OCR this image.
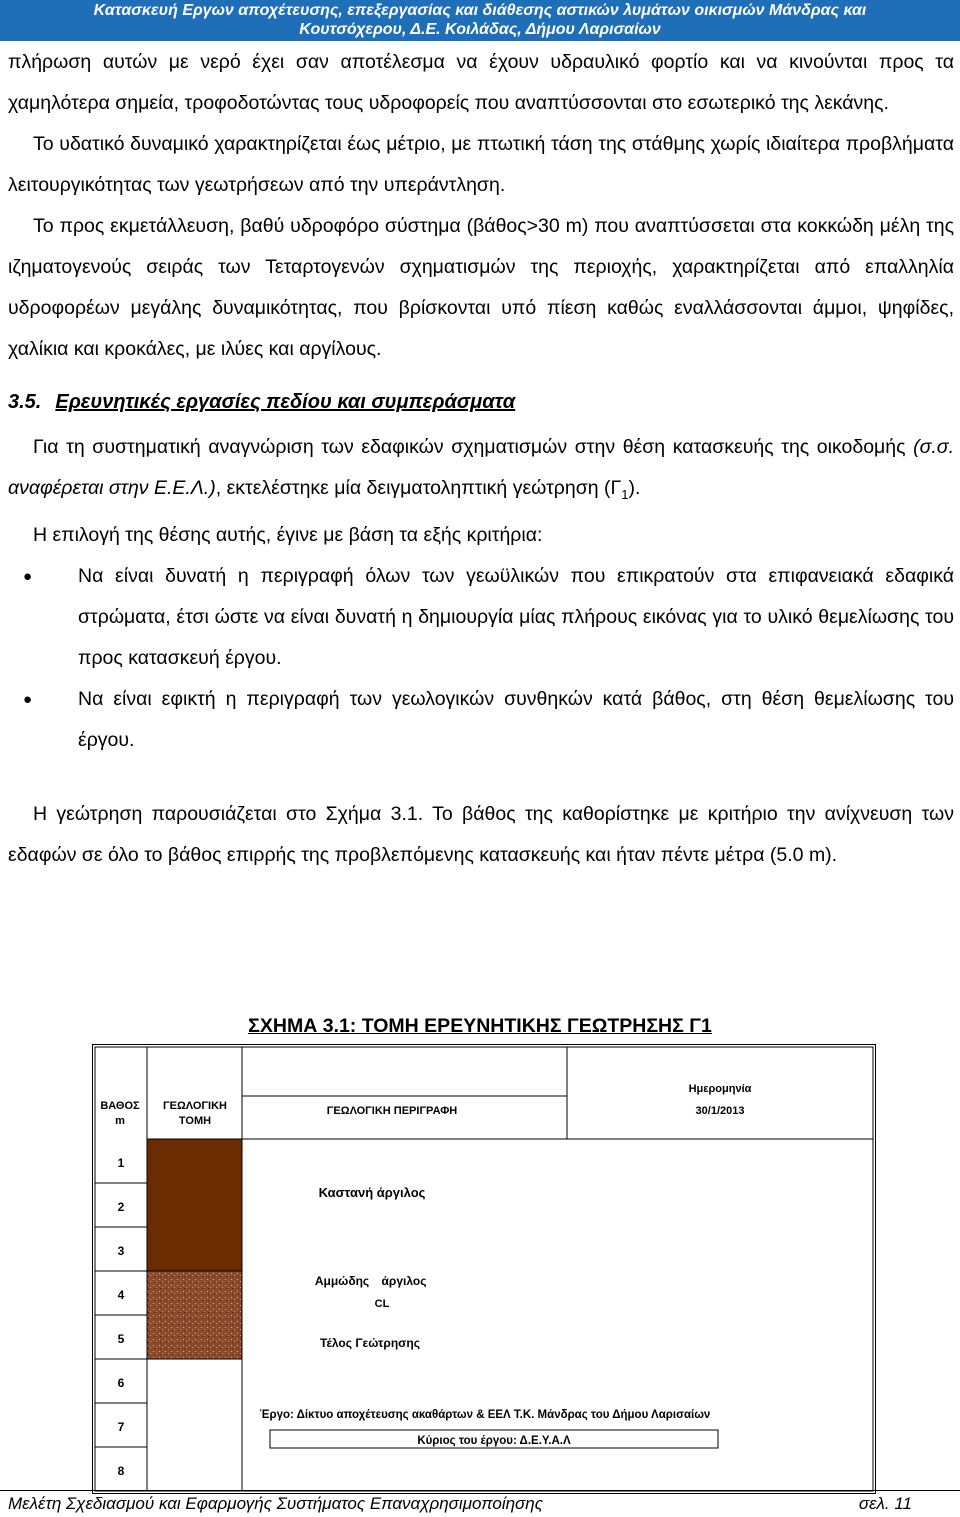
Κατασκευή Εργων αποχέτευσης, επεξεργασίας και διάθεσης αστικών λυμάτων οικισμών Μάνδρας και
Κουτσόχερου, Δ.Ε. Κοιλάδας, Δήμου Λαρισαίων

πλήρωση αυτών με νερό έχει σαν αποτέλεσμα να έχουν υδραυλικό φορτίο και να κινούνται προς τα χαμηλότερα σημεία, τροφοδοτώντας τους υδροφορείς που αναπτύσσονται στο εσωτερικό της λεκάνης.

Το υδατικό δυναμικό χαρακτηρίζεται έως μέτριο, με πτωτική τάση της στάθμης χωρίς ιδιαίτερα προβλήματα λειτουργικότητας των γεωτρήσεων από την υπεράντληση.

Το προς εκμετάλλευση, βαθύ υδροφόρο σύστημα (βάθος>30 m) που αναπτύσσεται στα κοκκώδη μέλη της ιζηματογενούς σειράς των Τεταρτογενών σχηματισμών της περιοχής, χαρακτηρίζεται από επαλληλία υδροφορέων μεγάλης δυναμικότητας, που βρίσκονται υπό πίεση καθώς εναλλάσσονται άμμοι, ψηφίδες, χαλίκια και κροκάλες, με ιλύες και αργίλους.

3.5. Ερευνητικές εργασίες πεδίου και συμπεράσματα

Για τη συστηματική αναγνώριση των εδαφικών σχηματισμών στην θέση κατασκευής της οικοδομής (σ.σ. αναφέρεται στην Ε.Ε.Λ.), εκτελέστηκε μία δειγματοληπτική γεώτρηση $(\Gamma_1)$.

Η επιλογή της θέσης αυτής, έγινε με βάση τα εξής κριτήρια:

● Να είναι δυνατή η περιγραφή όλων των γεωϋλικών που επικρατούν στα επιφανειακά εδαφικά στρώματα, έτσι ώστε να είναι δυνατή η δημιουργία μίας πλήρους εικόνας για το υλικό θεμελίωσης του προς κατασκευή έργου.
● Να είναι εφικτή η περιγραφή των γεωλογικών συνθηκών κατά βάθος, στη θέση θεμελίωσης του έργου.

Η γεώτρηση παρουσιάζεται στο Σχήμα 3.1. Το βάθος της καθορίστηκε με κριτήριο την ανίχνευση των εδαφών σε όλο το βάθος επιρρής της προβλεπόμενης κατασκευής και ήταν πέντε μέτρα (5.0 m).

ΣΧΗΜΑ 3.1: ΤΟΜΗ ΕΡΕΥΝΗΤΙΚΗΣ ΓΕΩΤΡΗΣΗΣ Γ1
ΒΑΘΟΣ
m
ΓΕΩΛΟΓΙΚΗ
ΤΟΜΗ
ΓΕΩΛΟΓΙΚΗ ΠΕΡΙΓΡΑΦΗ
Ημερομηνία
30/1/2013
1
2
3
4
5
6
7
8
Καστανή άργιλος
Αμμώδης άργιλος
CL
Τέλος Γεώτρησης
Έργο: Δίκτυο αποχέτευσης ακαθάρτων & ΕΕΛ Τ.Κ. Μάνδρας του Δήμου Λαρισαίων
Κύριος του έργου: Δ.Ε.Υ.Α.Λ
Μελέτη Σχεδιασμού και Εφαρμογής Συστήματος Επαναχρησιμοποίησης	σελ. 11
